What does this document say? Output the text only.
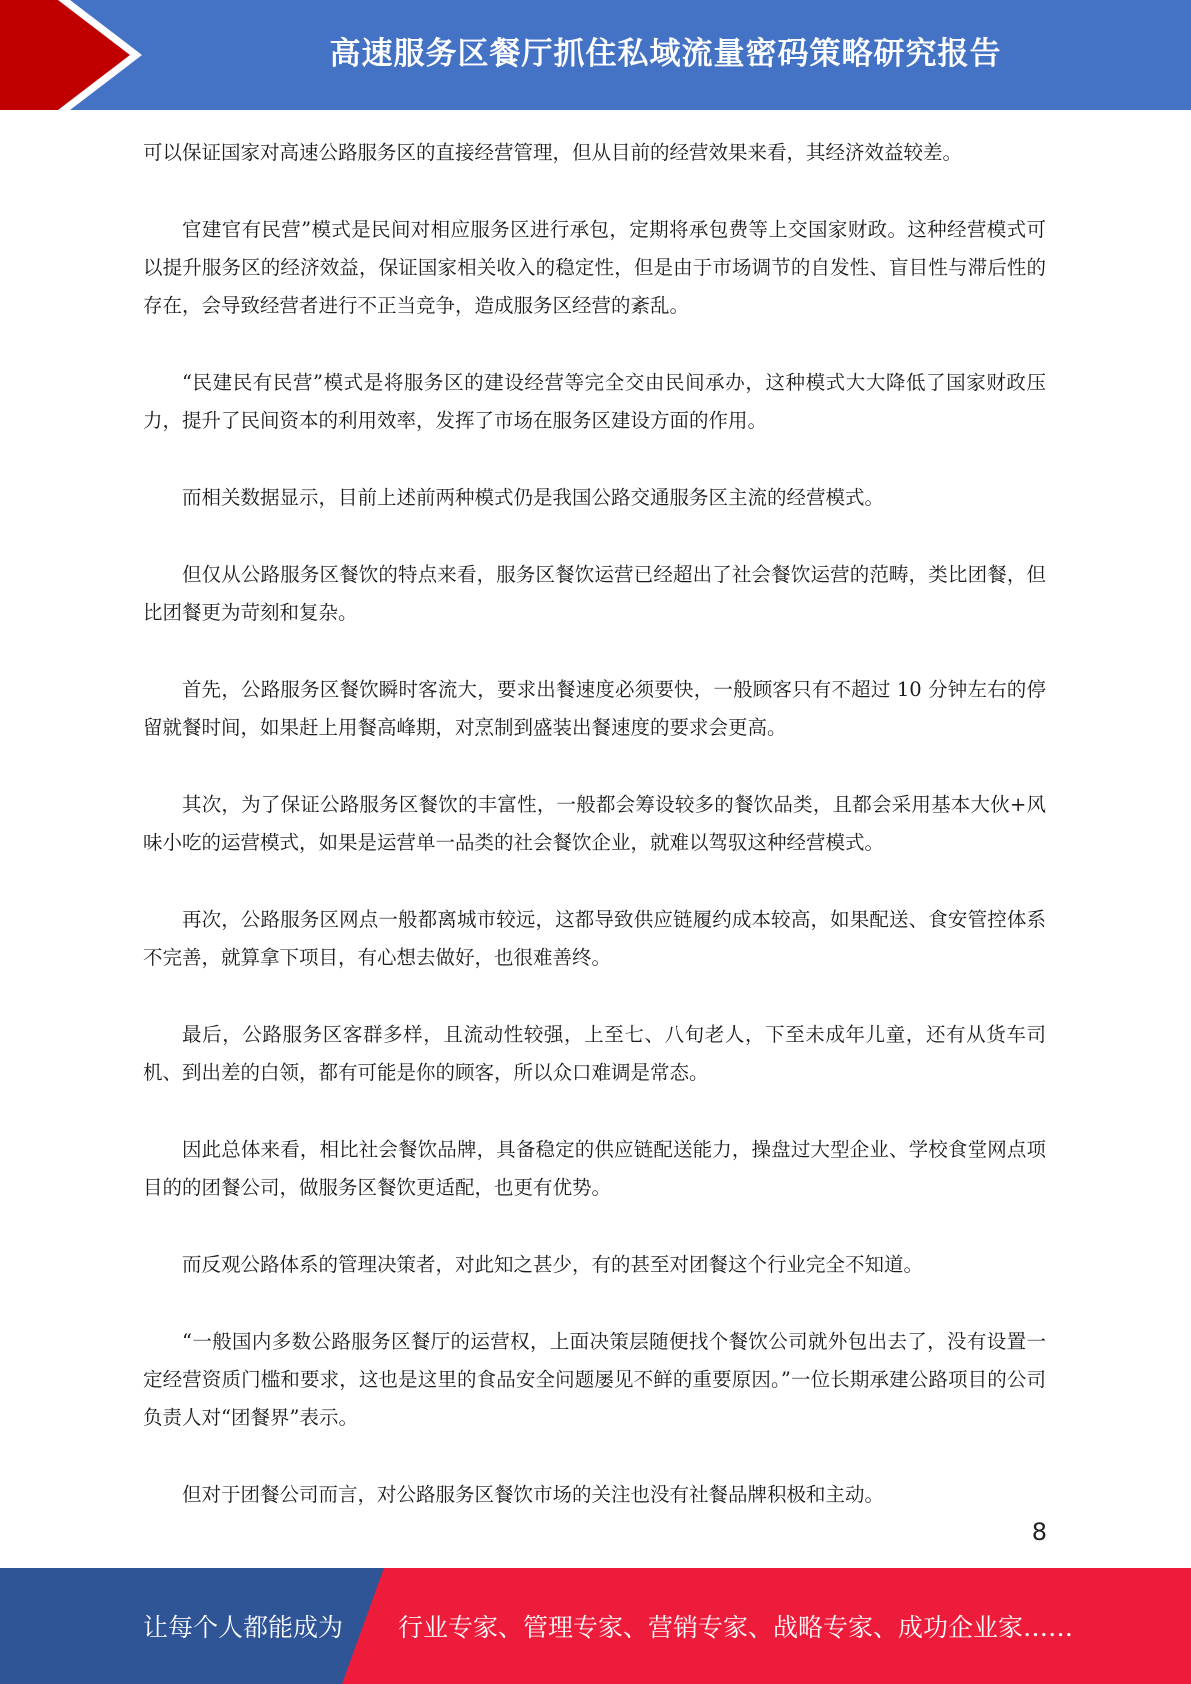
高速服务区餐厅抓住私域流量密码策略研究报告

可以保证国家对高速公路服务区的直接经营管理，但从目前的经营效果来看，其经济效益较差。

官建官有民营”模式是民间对相应服务区进行承包，定期将承包费等上交国家财政。这种经营模式可以提升服务区的经济效益，保证国家相关收入的稳定性，但是由于市场调节的自发性、盲目性与滞后性的存在，会导致经营者进行不正当竞争，造成服务区经营的紊乱。

“民建民有民营”模式是将服务区的建设经营等完全交由民间承办，这种模式大大降低了国家财政压力，提升了民间资本的利用效率，发挥了市场在服务区建设方面的作用。

而相关数据显示，目前上述前两种模式仍是我国公路交通服务区主流的经营模式。

但仅从公路服务区餐饮的特点来看，服务区餐饮运营已经超出了社会餐饮运营的范畴，类比团餐，但比团餐更为苛刻和复杂。

首先，公路服务区餐饮瞬时客流大，要求出餐速度必须要快，一般顾客只有不超过 10 分钟左右的停留就餐时间，如果赶上用餐高峰期，对烹制到盛装出餐速度的要求会更高。

其次，为了保证公路服务区餐饮的丰富性，一般都会筹设较多的餐饮品类，且都会采用基本大伙+风味小吃的运营模式，如果是运营单一品类的社会餐饮企业，就难以驾驭这种经营模式。

再次，公路服务区网点一般都离城市较远，这都导致供应链履约成本较高，如果配送、食安管控体系不完善，就算拿下项目，有心想去做好，也很难善终。

最后，公路服务区客群多样，且流动性较强，上至七、八旬老人，下至未成年儿童，还有从货车司机、到出差的白领，都有可能是你的顾客，所以众口难调是常态。

因此总体来看，相比社会餐饮品牌，具备稳定的供应链配送能力，操盘过大型企业、学校食堂网点项目的的团餐公司，做服务区餐饮更适配，也更有优势。

而反观公路体系的管理决策者，对此知之甚少，有的甚至对团餐这个行业完全不知道。

“一般国内多数公路服务区餐厅的运营权，上面决策层随便找个餐饮公司就外包出去了，没有设置一定经营资质门槛和要求，这也是这里的食品安全问题屡见不鲜的重要原因。”一位长期承建公路项目的公司负责人对“团餐界”表示。

但对于团餐公司而言，对公路服务区餐饮市场的关注也没有社餐品牌积极和主动。

8
让每个人都能成为 行业专家、管理专家、营销专家、战略专家、成功企业家……
